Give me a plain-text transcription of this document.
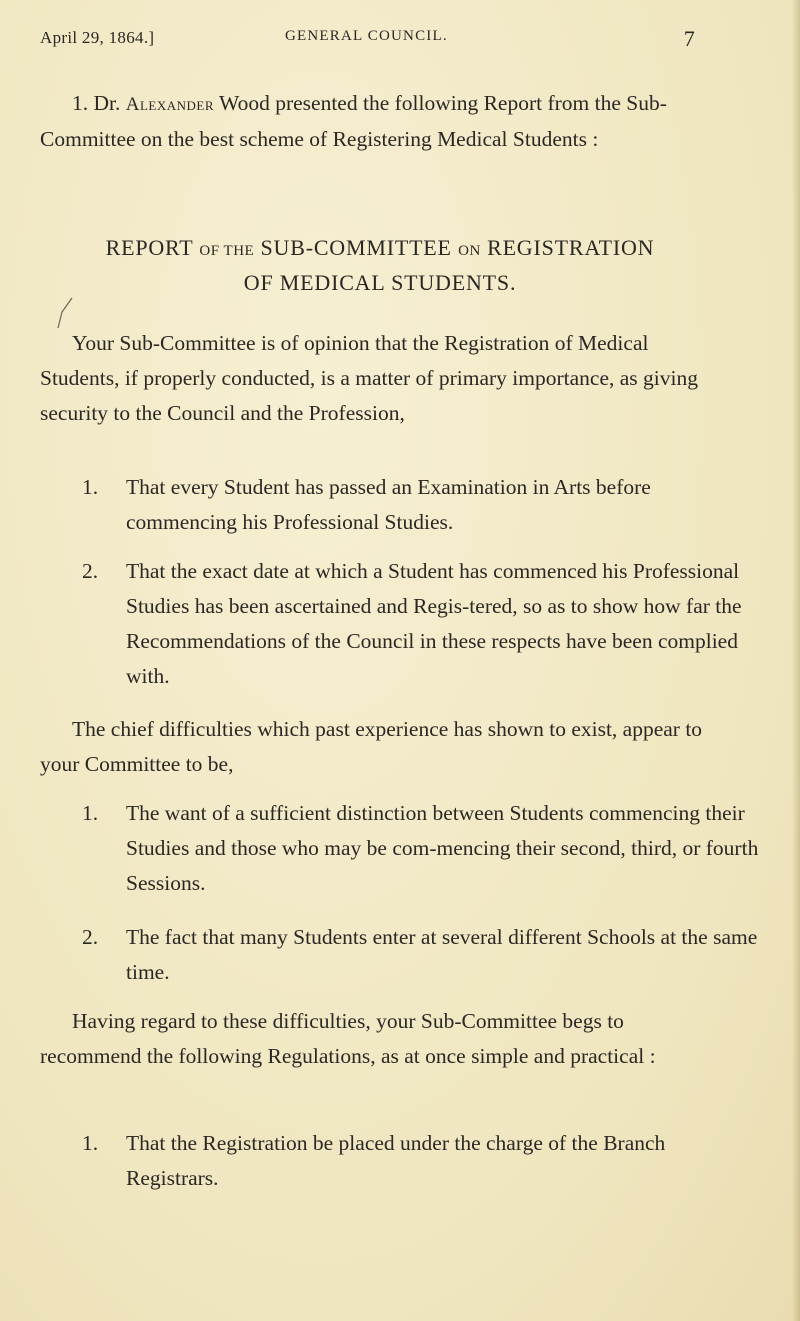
April 29, 1864.]	GENERAL COUNCIL.	7

1. Dr. Alexander Wood presented the following Report from the Sub-Committee on the best scheme of Registering Medical Students :

REPORT OF THE SUB-COMMITTEE ON REGISTRATION
OF MEDICAL STUDENTS.

Your Sub-Committee is of opinion that the Registration of Medical Students, if properly conducted, is a matter of primary importance, as giving security to the Council and the Profession,

1. That every Student has passed an Examination in Arts before commencing his Professional Studies.

2. That the exact date at which a Student has commenced his Professional Studies has been ascertained and Regis-tered, so as to show how far the Recommendations of the Council in these respects have been complied with.

The chief difficulties which past experience has shown to exist, appear to your Committee to be,

1. The want of a sufficient distinction between Students commencing their Studies and those who may be com-mencing their second, third, or fourth Sessions.

2. The fact that many Students enter at several different Schools at the same time.

Having regard to these difficulties, your Sub-Committee begs to recommend the following Regulations, as at once simple and practical :

1. That the Registration be placed under the charge of the Branch Registrars.
